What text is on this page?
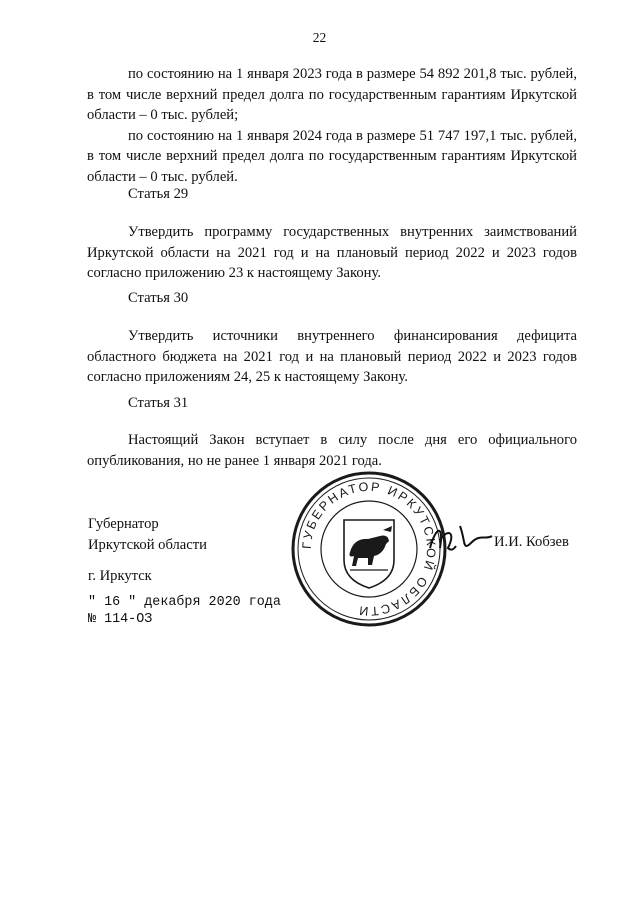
22

по состоянию на 1 января 2023 года в размере 54 892 201,8 тыс. рублей, в том числе верхний предел долга по государственным гарантиям Иркутской области – 0 тыс. рублей;

по состоянию на 1 января 2024 года в размере 51 747 197,1 тыс. рублей, в том числе верхний предел долга по государственным гарантиям Иркутской области – 0 тыс. рублей.

Статья 29

Утвердить программу государственных внутренних заимствований Иркутской области на 2021 год и на плановый период 2022 и 2023 годов согласно приложению 23 к настоящему Закону.

Статья 30

Утвердить источники внутреннего финансирования дефицита областного бюджета на 2021 год и на плановый период 2022 и 2023 годов согласно приложениям 24, 25 к настоящему Закону.

Статья 31

Настоящий Закон вступает в силу после дня его официального опубликования, но не ранее 1 января 2021 года.

Губернатор
Иркутской области
г. Иркутск
" 16 " декабря 2020 года
№ 114-ОЗ
ГУБЕРНАТОР ИРКУТСКОЙ ОБЛАСТИ
И.И. Кобзев
